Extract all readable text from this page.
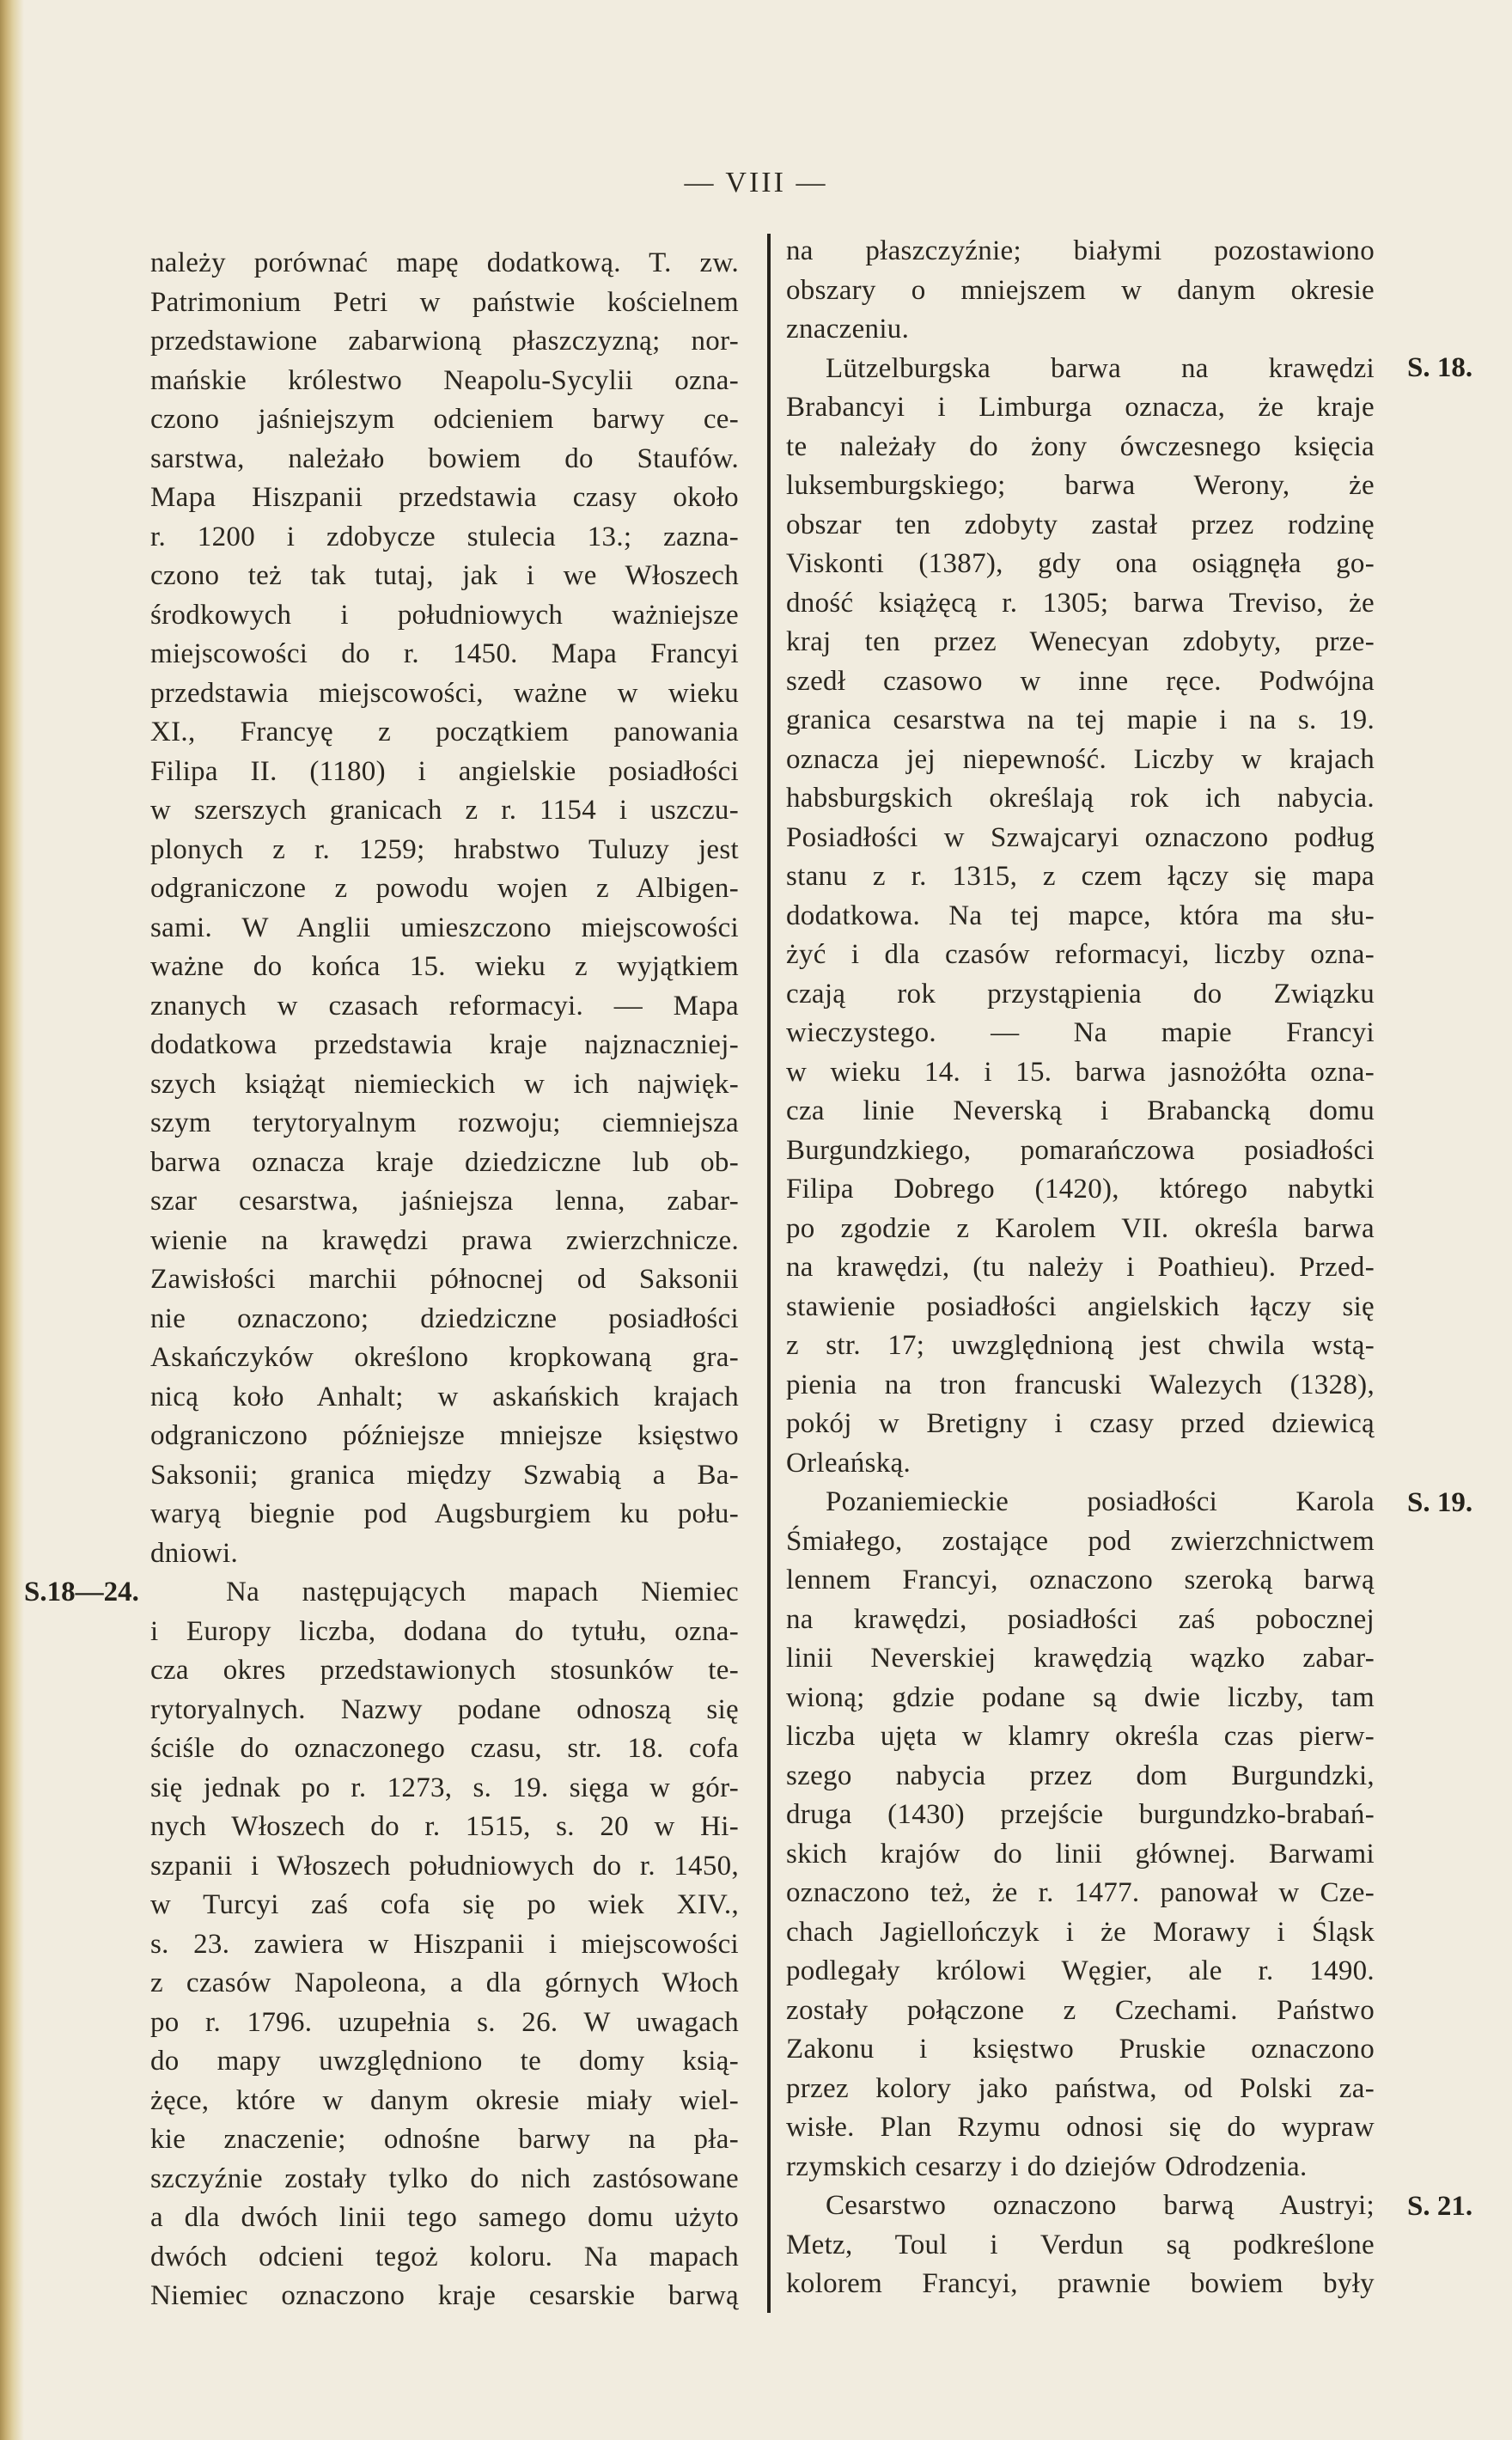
— VIII —
należy porównać mapę dodatkową. T. zw.
Patrimonium Petri w państwie kościelnem
przedstawione zabarwioną płaszczyzną; nor-
mańskie królestwo Neapolu-Sycylii ozna-
czono jaśniejszym odcieniem barwy ce-
sarstwa, należało bowiem do Staufów.
Mapa Hiszpanii przedstawia czasy około
r. 1200 i zdobycze stulecia 13.; zazna-
czono też tak tutaj, jak i we Włoszech
środkowych i południowych ważniejsze
miejscowości do r. 1450. Mapa Francyi
przedstawia miejscowości, ważne w wieku
XI., Francyę z początkiem panowania
Filipa II. (1180) i angielskie posiadłości
w szerszych granicach z r. 1154 i uszczu-
plonych z r. 1259; hrabstwo Tuluzy jest
odgraniczone z powodu wojen z Albigen-
sami. W Anglii umieszczono miejscowości
ważne do końca 15. wieku z wyjątkiem
znanych w czasach reformacyi. — Mapa
dodatkowa przedstawia kraje najznaczniej-
szych książąt niemieckich w ich najwięk-
szym terytoryalnym rozwoju; ciemniejsza
barwa oznacza kraje dziedziczne lub ob-
szar cesarstwa, jaśniejsza lenna, zabar-
wienie na krawędzi prawa zwierzchnicze.
Zawisłości marchii północnej od Saksonii
nie oznaczono; dziedziczne posiadłości
Askańczyków określono kropkowaną gra-
nicą koło Anhalt; w askańskich krajach
odgraniczono późniejsze mniejsze księstwo
Saksonii; granica między Szwabią a Ba-
waryą biegnie pod Augsburgiem ku połu-
dniowi.
Na następujących mapach Niemiec
i Europy liczba, dodana do tytułu, ozna-
cza okres przedstawionych stosunków te-
rytoryalnych. Nazwy podane odnoszą się
ściśle do oznaczonego czasu, str. 18. cofa
się jednak po r. 1273, s. 19. sięga w gór-
nych Włoszech do r. 1515, s. 20 w Hi-
szpanii i Włoszech południowych do r. 1450,
w Turcyi zaś cofa się po wiek XIV.,
s. 23. zawiera w Hiszpanii i miejscowości
z czasów Napoleona, a dla górnych Włoch
po r. 1796. uzupełnia s. 26. W uwagach
do mapy uwzględniono te domy ksią-
żęce, które w danym okresie miały wiel-
kie znaczenie; odnośne barwy na pła-
szczyźnie zostały tylko do nich zastósowane
a dla dwóch linii tego samego domu użyto
dwóch odcieni tegoż koloru. Na mapach
Niemiec oznaczono kraje cesarskie barwą
na płaszczyźnie; białymi pozostawiono
obszary o mniejszem w danym okresie
znaczeniu.
Lützelburgska barwa na krawędzi
Brabancyi i Limburga oznacza, że kraje
te należały do żony ówczesnego księcia
luksemburgskiego; barwa Werony, że
obszar ten zdobyty zastał przez rodzinę
Viskonti (1387), gdy ona osiągnęła go-
dność książęcą r. 1305; barwa Treviso, że
kraj ten przez Wenecyan zdobyty, prze-
szedł czasowo w inne ręce. Podwójna
granica cesarstwa na tej mapie i na s. 19.
oznacza jej niepewność. Liczby w krajach
habsburgskich określają rok ich nabycia.
Posiadłości w Szwajcaryi oznaczono podług
stanu z r. 1315, z czem łączy się mapa
dodatkowa. Na tej mapce, która ma słu-
żyć i dla czasów reformacyi, liczby ozna-
czają rok przystąpienia do Związku
wieczystego. — Na mapie Francyi
w wieku 14. i 15. barwa jasnożółta ozna-
cza linie Neverską i Brabancką domu
Burgundzkiego, pomarańczowa posiadłości
Filipa Dobrego (1420), którego nabytki
po zgodzie z Karolem VII. określa barwa
na krawędzi, (tu należy i Poathieu). Przed-
stawienie posiadłości angielskich łączy się
z str. 17; uwzględnioną jest chwila wstą-
pienia na tron francuski Walezych (1328),
pokój w Bretigny i czasy przed dziewicą
Orleańską.
Pozaniemieckie posiadłości Karola
Śmiałego, zostające pod zwierzchnictwem
lennem Francyi, oznaczono szeroką barwą
na krawędzi, posiadłości zaś pobocznej
linii Neverskiej krawędzią wązko zabar-
wioną; gdzie podane są dwie liczby, tam
liczba ujęta w klamry określa czas pierw-
szego nabycia przez dom Burgundzki,
druga (1430) przejście burgundzko-brabań-
skich krajów do linii głównej. Barwami
oznaczono też, że r. 1477. panował w Cze-
chach Jagiellończyk i że Morawy i Śląsk
podlegały królowi Węgier, ale r. 1490.
zostały połączone z Czechami. Państwo
Zakonu i księstwo Pruskie oznaczono
przez kolory jako państwa, od Polski za-
wisłe. Plan Rzymu odnosi się do wypraw
rzymskich cesarzy i do dziejów Odrodzenia.
Cesarstwo oznaczono barwą Austryi;
Metz, Toul i Verdun są podkreślone
kolorem Francyi, prawnie bowiem były
S.18—24.
S. 18.
S. 19.
S. 21.
